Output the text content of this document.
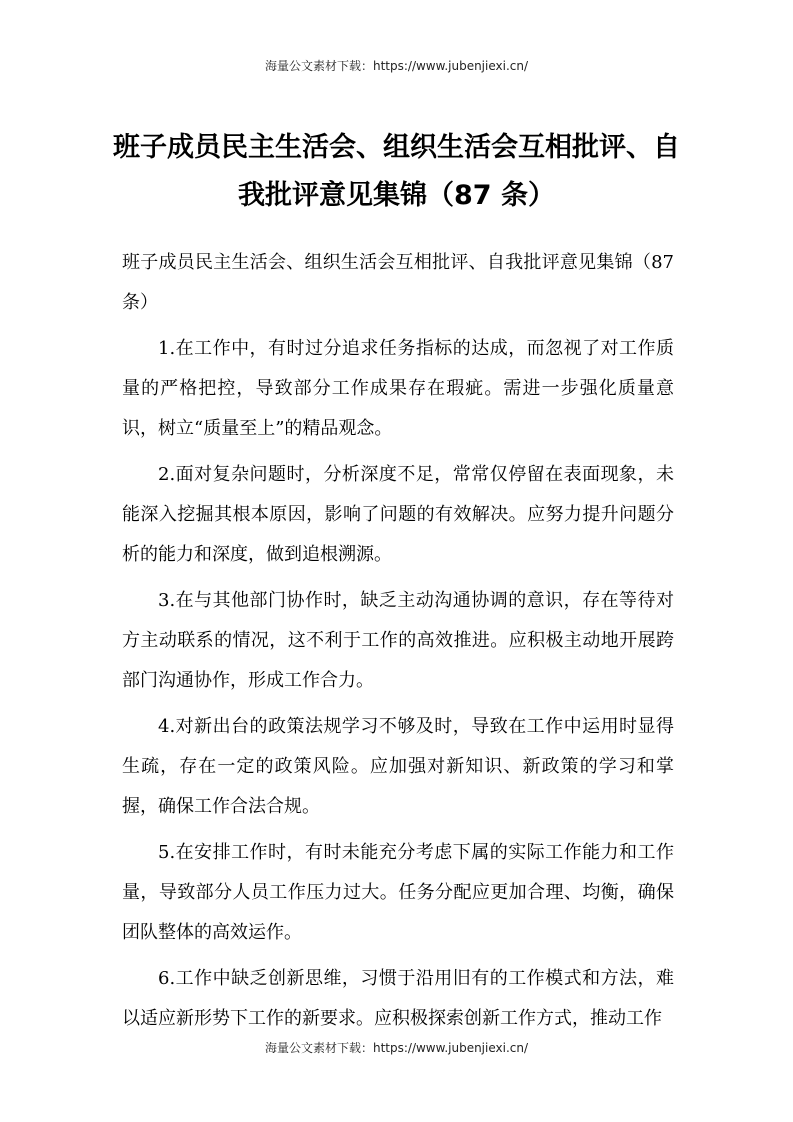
海量公文素材下载：https://www.jubenjiexi.cn/
班子成员民主生活会、组织生活会互相批评、自我批评意见集锦（87 条）

班子成员民主生活会、组织生活会互相批评、自我批评意见集锦（87 条）

1.在工作中，有时过分追求任务指标的达成，而忽视了对工作质量的严格把控，导致部分工作成果存在瑕疵。需进一步强化质量意识，树立“质量至上”的精品观念。

2.面对复杂问题时，分析深度不足，常常仅停留在表面现象，未能深入挖掘其根本原因，影响了问题的有效解决。应努力提升问题分析的能力和深度，做到追根溯源。

3.在与其他部门协作时，缺乏主动沟通协调的意识，存在等待对方主动联系的情况，这不利于工作的高效推进。应积极主动地开展跨部门沟通协作，形成工作合力。

4.对新出台的政策法规学习不够及时，导致在工作中运用时显得生疏，存在一定的政策风险。应加强对新知识、新政策的学习和掌握，确保工作合法合规。

5.在安排工作时，有时未能充分考虑下属的实际工作能力和工作量，导致部分人员工作压力过大。任务分配应更加合理、均衡，确保团队整体的高效运作。

6.工作中缺乏创新思维，习惯于沿用旧有的工作模式和方法，难以适应新形势下工作的新要求。应积极探索创新工作方式，推动工作

海量公文素材下载：https://www.jubenjiexi.cn/
